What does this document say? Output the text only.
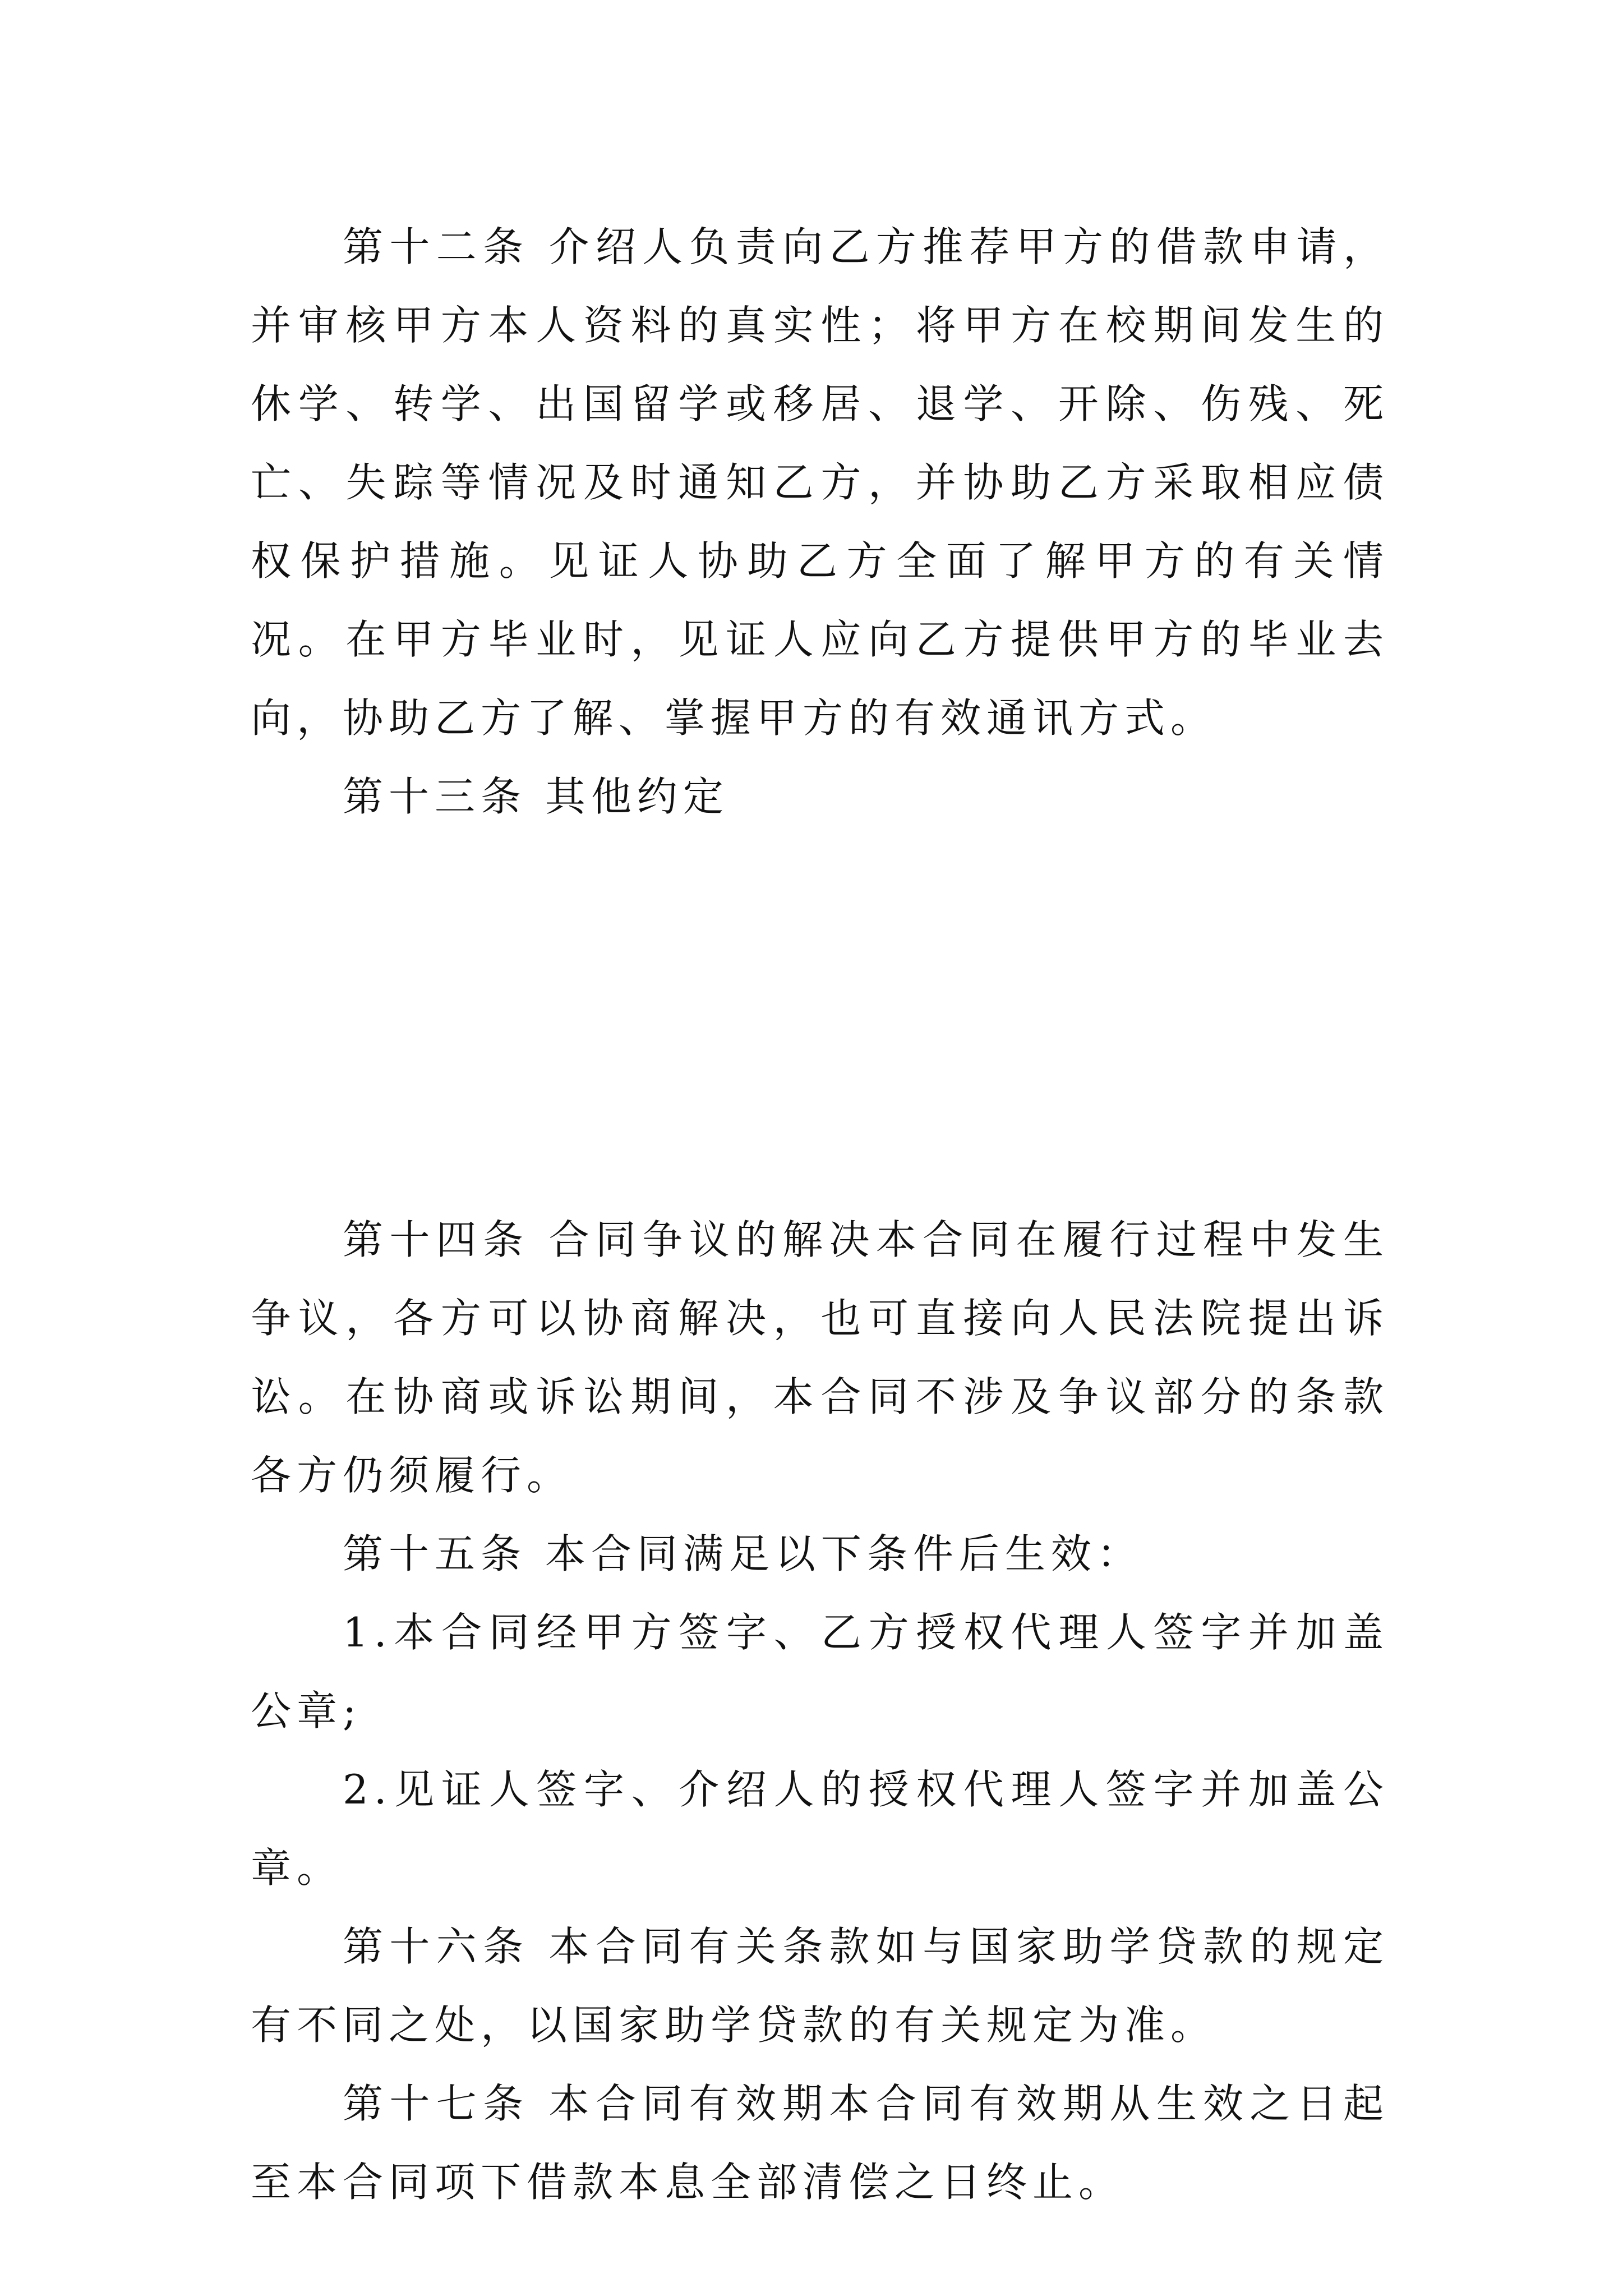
第十二条 介绍人负责向乙方推荐甲方的借款申请，并审核甲方本人资料的真实性；将甲方在校期间发生的休学、转学、出国留学或移居、退学、开除、伤残、死亡、失踪等情况及时通知乙方，并协助乙方采取相应债权保护措施。见证人协助乙方全面了解甲方的有关情况。在甲方毕业时，见证人应向乙方提供甲方的毕业去向，协助乙方了解、掌握甲方的有效通讯方式。

第十三条 其他约定

第十四条 合同争议的解决本合同在履行过程中发生争议，各方可以协商解决，也可直接向人民法院提出诉讼。在协商或诉讼期间，本合同不涉及争议部分的条款各方仍须履行。

第十五条 本合同满足以下条件后生效：

1.本合同经甲方签字、乙方授权代理人签字并加盖公章;

2.见证人签字、介绍人的授权代理人签字并加盖公章。

第十六条 本合同有关条款如与国家助学贷款的规定有不同之处，以国家助学贷款的有关规定为准。

第十七条 本合同有效期本合同有效期从生效之日起至本合同项下借款本息全部清偿之日终止。
